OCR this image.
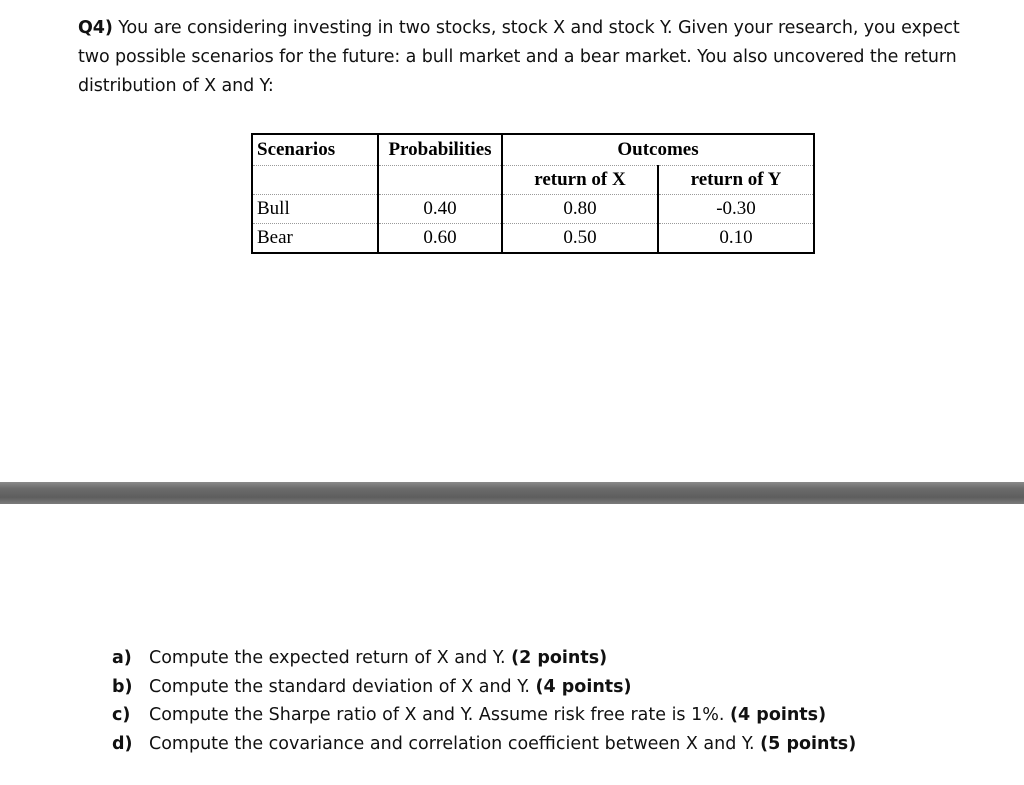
Q4) You are considering investing in two stocks, stock X and stock Y. Given your research, you expect two possible scenarios for the future: a bull market and a bear market. You also uncovered the return distribution of X and Y:
Scenarios	Probabilities	Outcomes	
		return of X	return of Y
Bull	0.40	0.80	-0.30
Bear	0.60	0.50	0.10
a) Compute the expected return of X and Y. (2 points)
b) Compute the standard deviation of X and Y. (4 points)
c)	Compute the Sharpe ratio of X and Y. Assume risk free rate is 1%. (4 points)
d) Compute the covariance and correlation coefficient between X and Y. (5 points)
